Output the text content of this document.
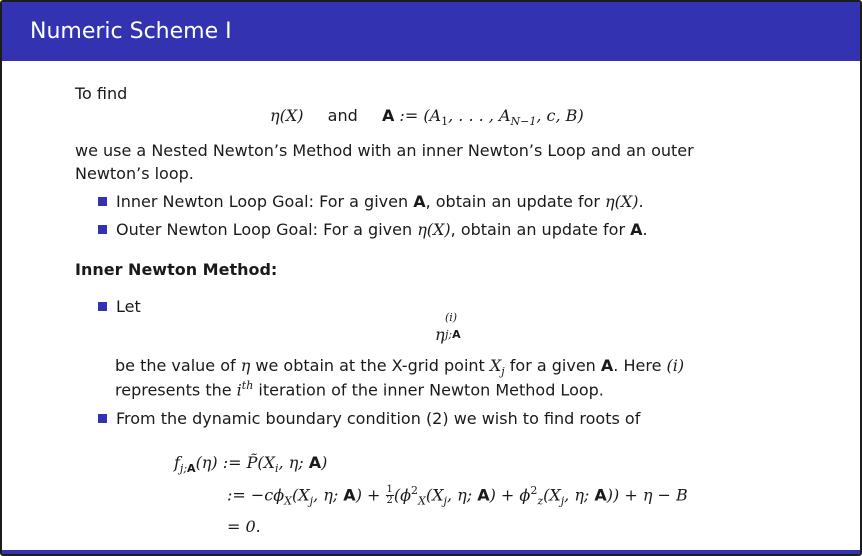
Numeric Scheme I
To find
η(X) and A := ($A_1$, . . . , $A_{N-1}$, c, B)
we use a Nested Newton’s Method with an inner Newton’s Loop and an outer
Newton’s loop.
Inner Newton Loop Goal: For a given A, obtain an update for η(X).
Outer Newton Loop Goal: For a given η(X), obtain an update for A.
Inner Newton Method:
Let
η
(i)
j;A
be the value of η we obtain at the X-grid point $X_j$ for a given A. Here (i)
represents the $i^{th}$ iteration of the inner Newton Method Loop.
From the dynamic boundary condition (2) we wish to find roots of
$f_{j;A}(\eta)$ := $P̃(X_i$, η; A)
:= $-c\phi_X(X_j$, η; $A) + \frac{1}{2} (\phi^2_X(X_j$, η; $A) + \phi^2_z(X_j$, η; A)) + η − B
= 0.
